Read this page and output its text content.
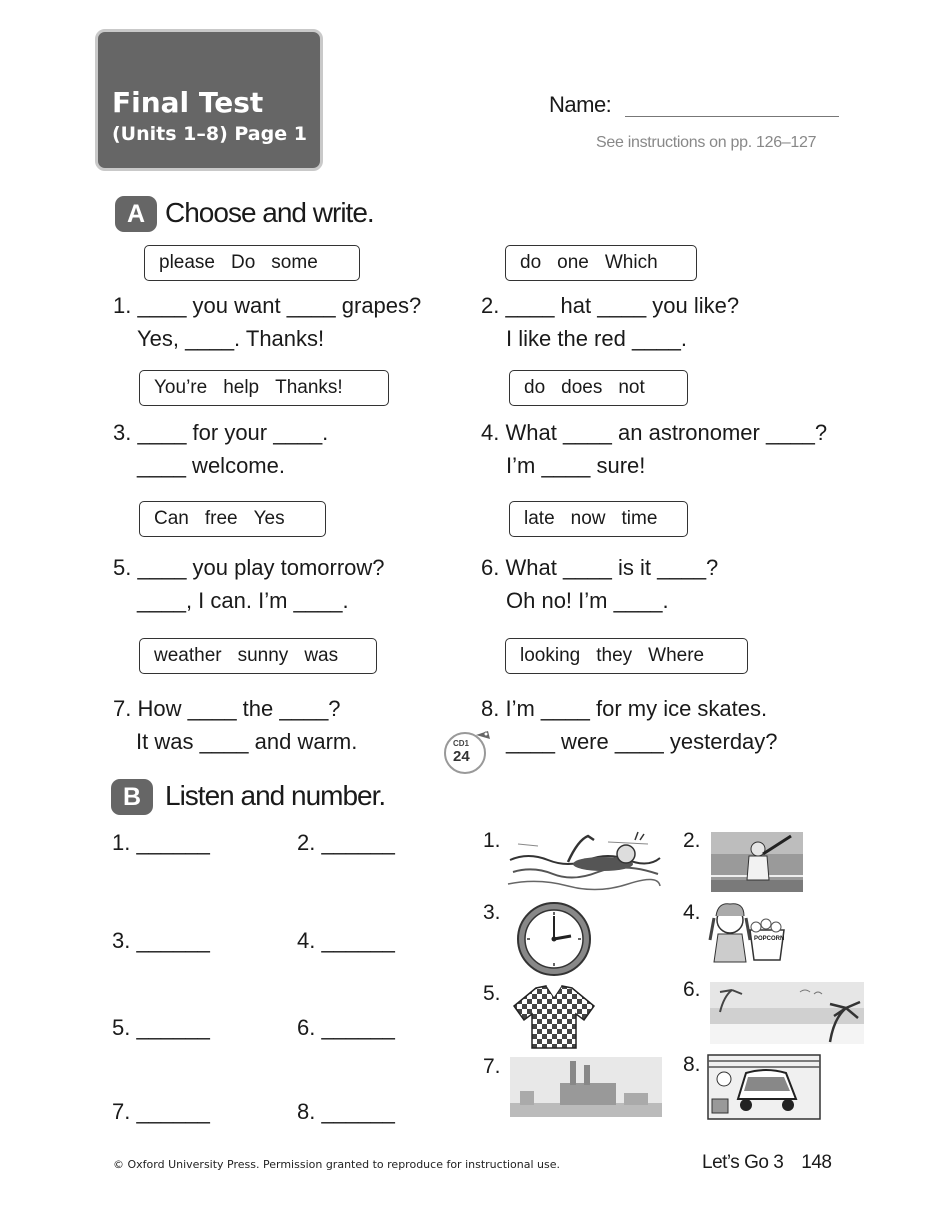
Final Test
(Units 1–8) Page 1
Name:
See instructions on pp. 126–127
A Choose and write.
please Do some	do one Which
You’re help Thanks!	do does not
Can free Yes	late now time
weather sunny was	looking they Where
1. ____ you want ____ grapes?
Yes, ____. Thanks!
2. ____ hat ____ you like?
I like the red ____.
3. ____ for your ____.
____ welcome.
4. What ____ an astronomer ____?
I’m ____ sure!
5. ____ you play tomorrow?
____, I can. I’m ____.
6. What ____ is it ____?
Oh no! I’m ____.
7. How ____ the ____?
It was ____ and warm.
8. I’m ____ for my ice skates.
____ were ____ yesterday?
CD1
24
B Listen and number.
1. ______	2. ______
3. ______	4. ______
5. ______	6. ______
7. ______	8. ______
1.	2.
3.	4.
5.	6.
7.	8.
POPCORN
© Oxford University Press. Permission granted to reproduce for instructional use.	Let’s Go 3 148
